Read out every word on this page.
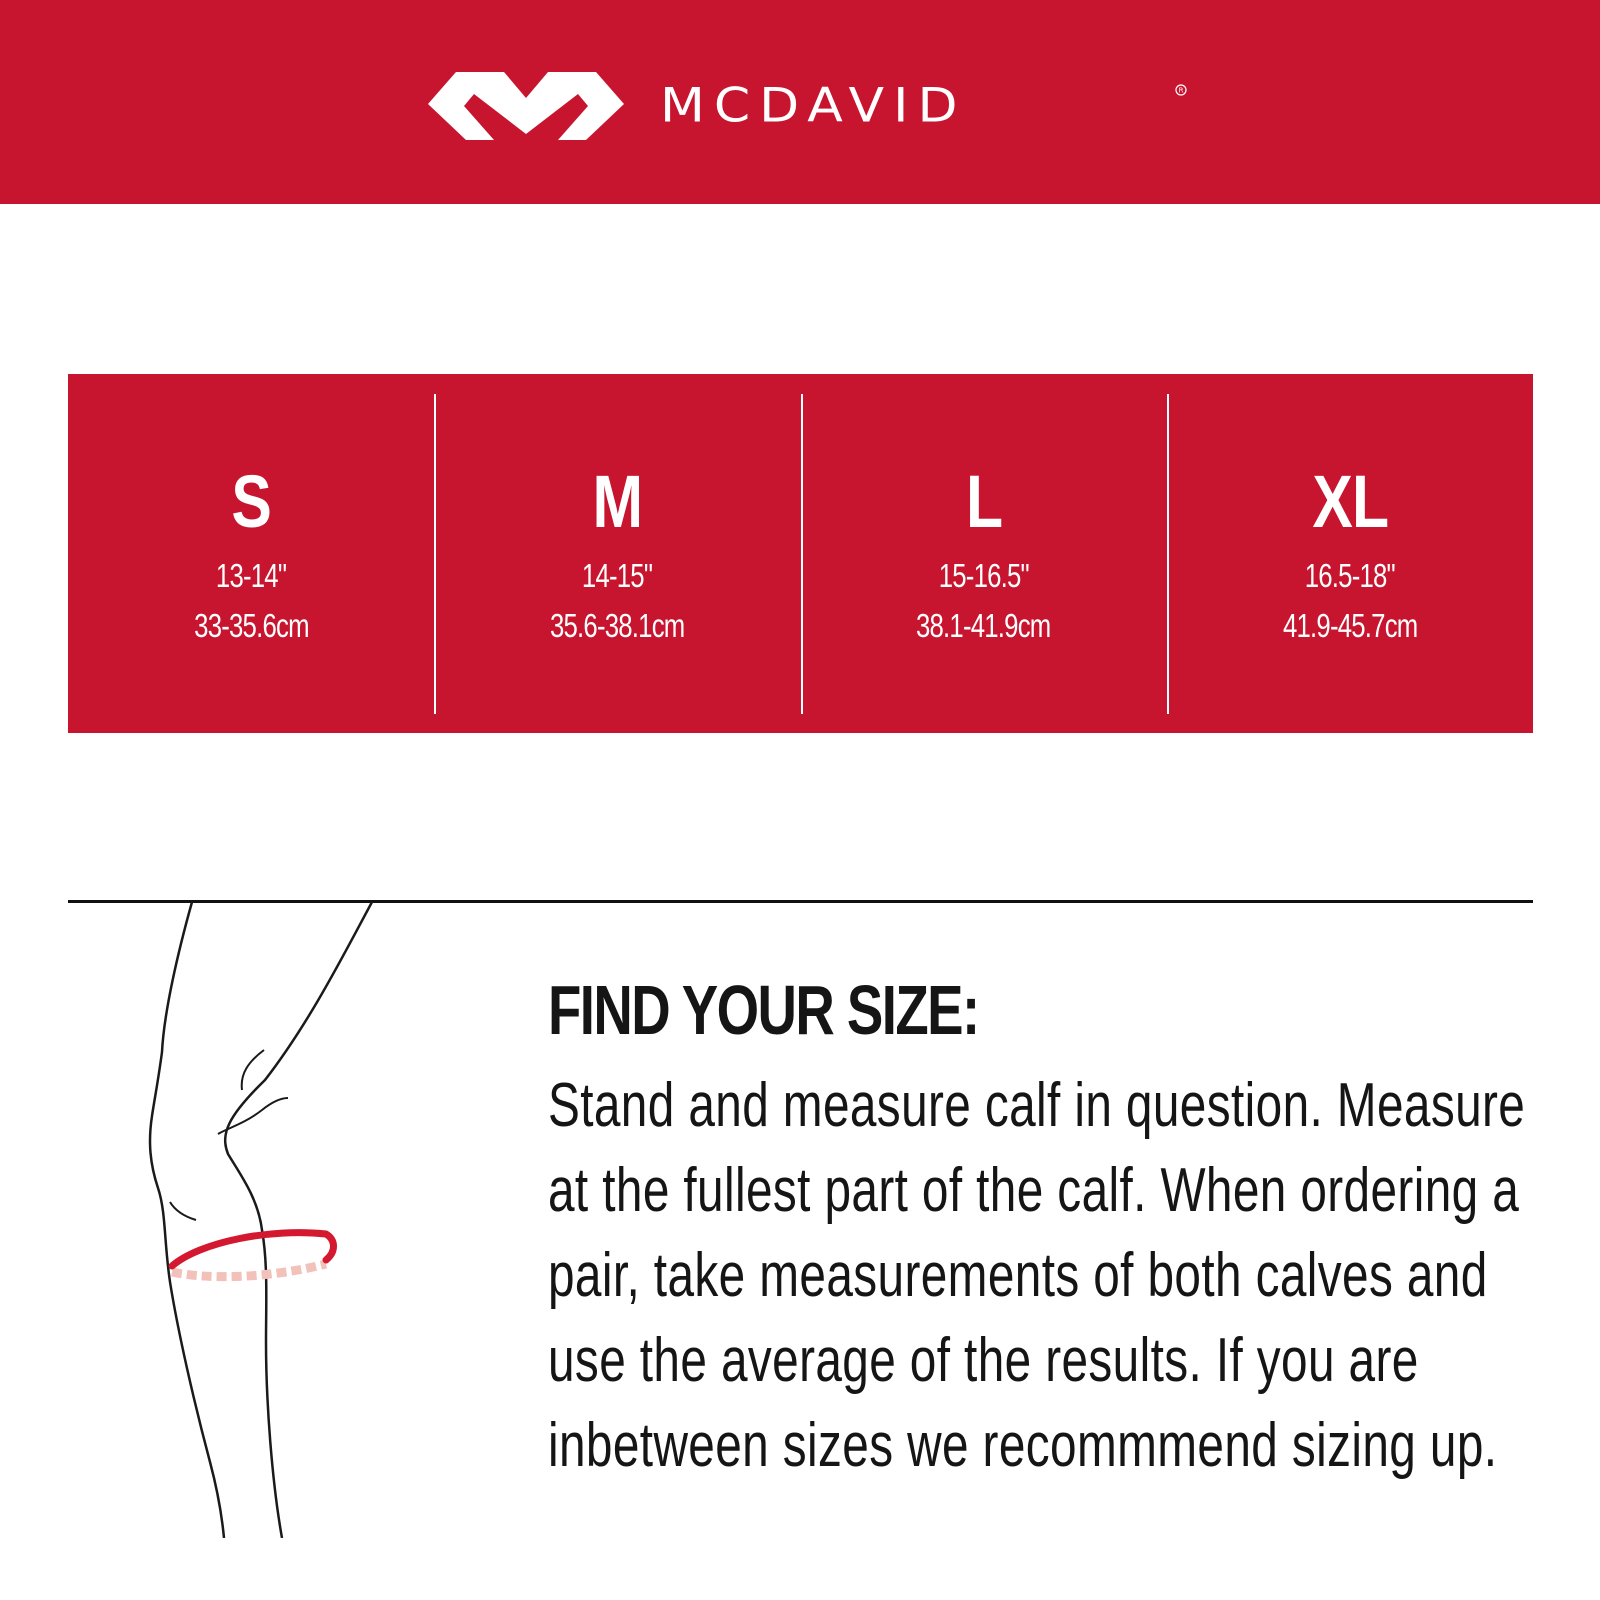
MCDAVID	R
S
13-14"
33-35.6cm
M
14-15"
35.6-38.1cm
L
15-16.5"
38.1-41.9cm
XL
16.5-18"
41.9-45.7cm
FIND YOUR SIZE:

Stand and measure calf in question. Measure at the fullest part of the calf. When ordering a pair, take measurements of both calves and use the average of the results. If you are inbetween sizes we recommmend sizing up.
